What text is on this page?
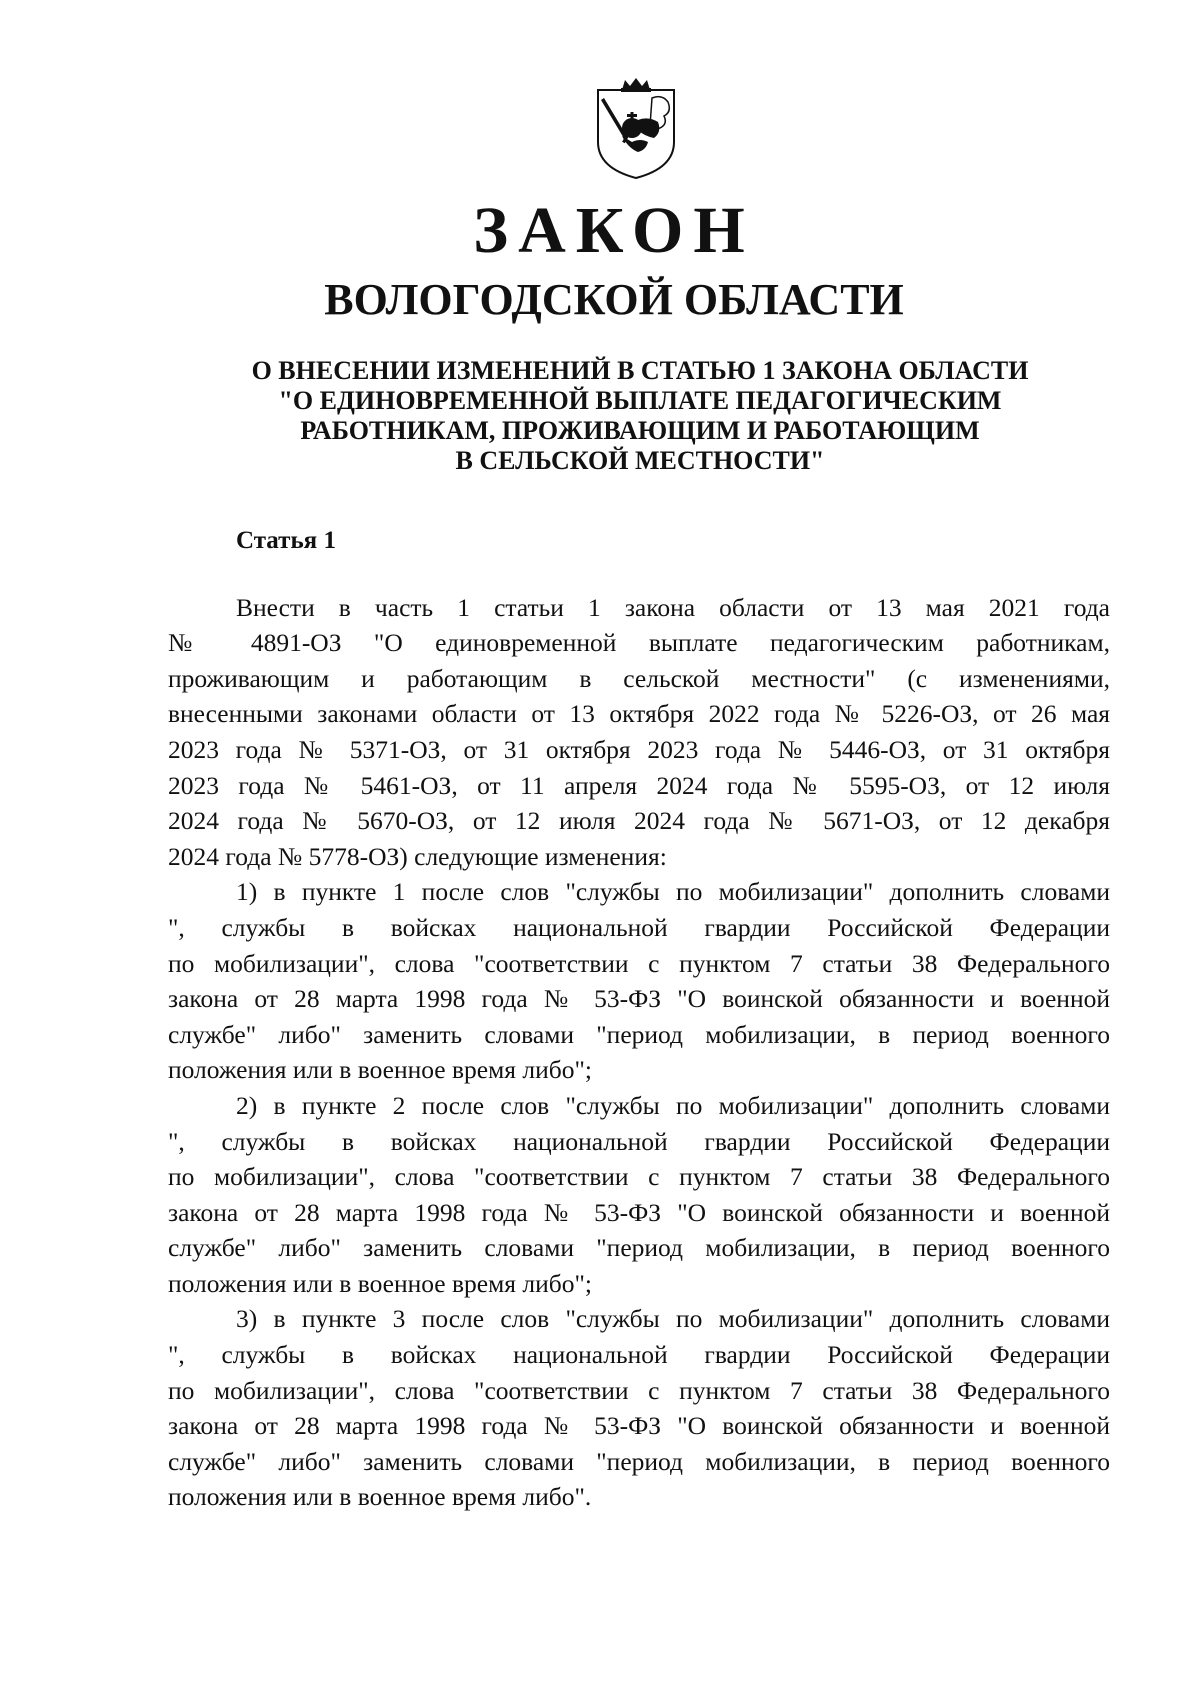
ЗАКОН
ВОЛОГОДСКОЙ ОБЛАСТИ
О ВНЕСЕНИИ ИЗМЕНЕНИЙ В СТАТЬЮ 1 ЗАКОНА ОБЛАСТИ
"О ЕДИНОВРЕМЕННОЙ ВЫПЛАТЕ ПЕДАГОГИЧЕСКИМ
РАБОТНИКАМ, ПРОЖИВАЮЩИМ И РАБОТАЮЩИМ
В СЕЛЬСКОЙ МЕСТНОСТИ"
Статья 1

Внести в часть 1 статьи 1 закона области от 13 мая 2021 года
№ 4891-ОЗ "О единовременной выплате педагогическим работникам,
проживающим и работающим в сельской местности" (с изменениями,
внесенными законами области от 13 октября 2022 года № 5226-ОЗ, от 26 мая
2023 года № 5371-ОЗ, от 31 октября 2023 года № 5446-ОЗ, от 31 октября
2023 года № 5461-ОЗ, от 11 апреля 2024 года № 5595-ОЗ, от 12 июля
2024 года № 5670-ОЗ, от 12 июля 2024 года № 5671-ОЗ, от 12 декабря
2024 года № 5778-ОЗ) следующие изменения:
1) в пункте 1 после слов "службы по мобилизации" дополнить словами
", службы в войсках национальной гвардии Российской Федерации
по мобилизации", слова "соответствии с пунктом 7 статьи 38 Федерального
закона от 28 марта 1998 года № 53-ФЗ "О воинской обязанности и военной
службе" либо" заменить словами "период мобилизации, в период военного
положения или в военное время либо";
2) в пункте 2 после слов "службы по мобилизации" дополнить словами
", службы в войсках национальной гвардии Российской Федерации
по мобилизации", слова "соответствии с пунктом 7 статьи 38 Федерального
закона от 28 марта 1998 года № 53-ФЗ "О воинской обязанности и военной
службе" либо" заменить словами "период мобилизации, в период военного
положения или в военное время либо";
3) в пункте 3 после слов "службы по мобилизации" дополнить словами
", службы в войсках национальной гвардии Российской Федерации
по мобилизации", слова "соответствии с пунктом 7 статьи 38 Федерального
закона от 28 марта 1998 года № 53-ФЗ "О воинской обязанности и военной
службе" либо" заменить словами "период мобилизации, в период военного
положения или в военное время либо".
